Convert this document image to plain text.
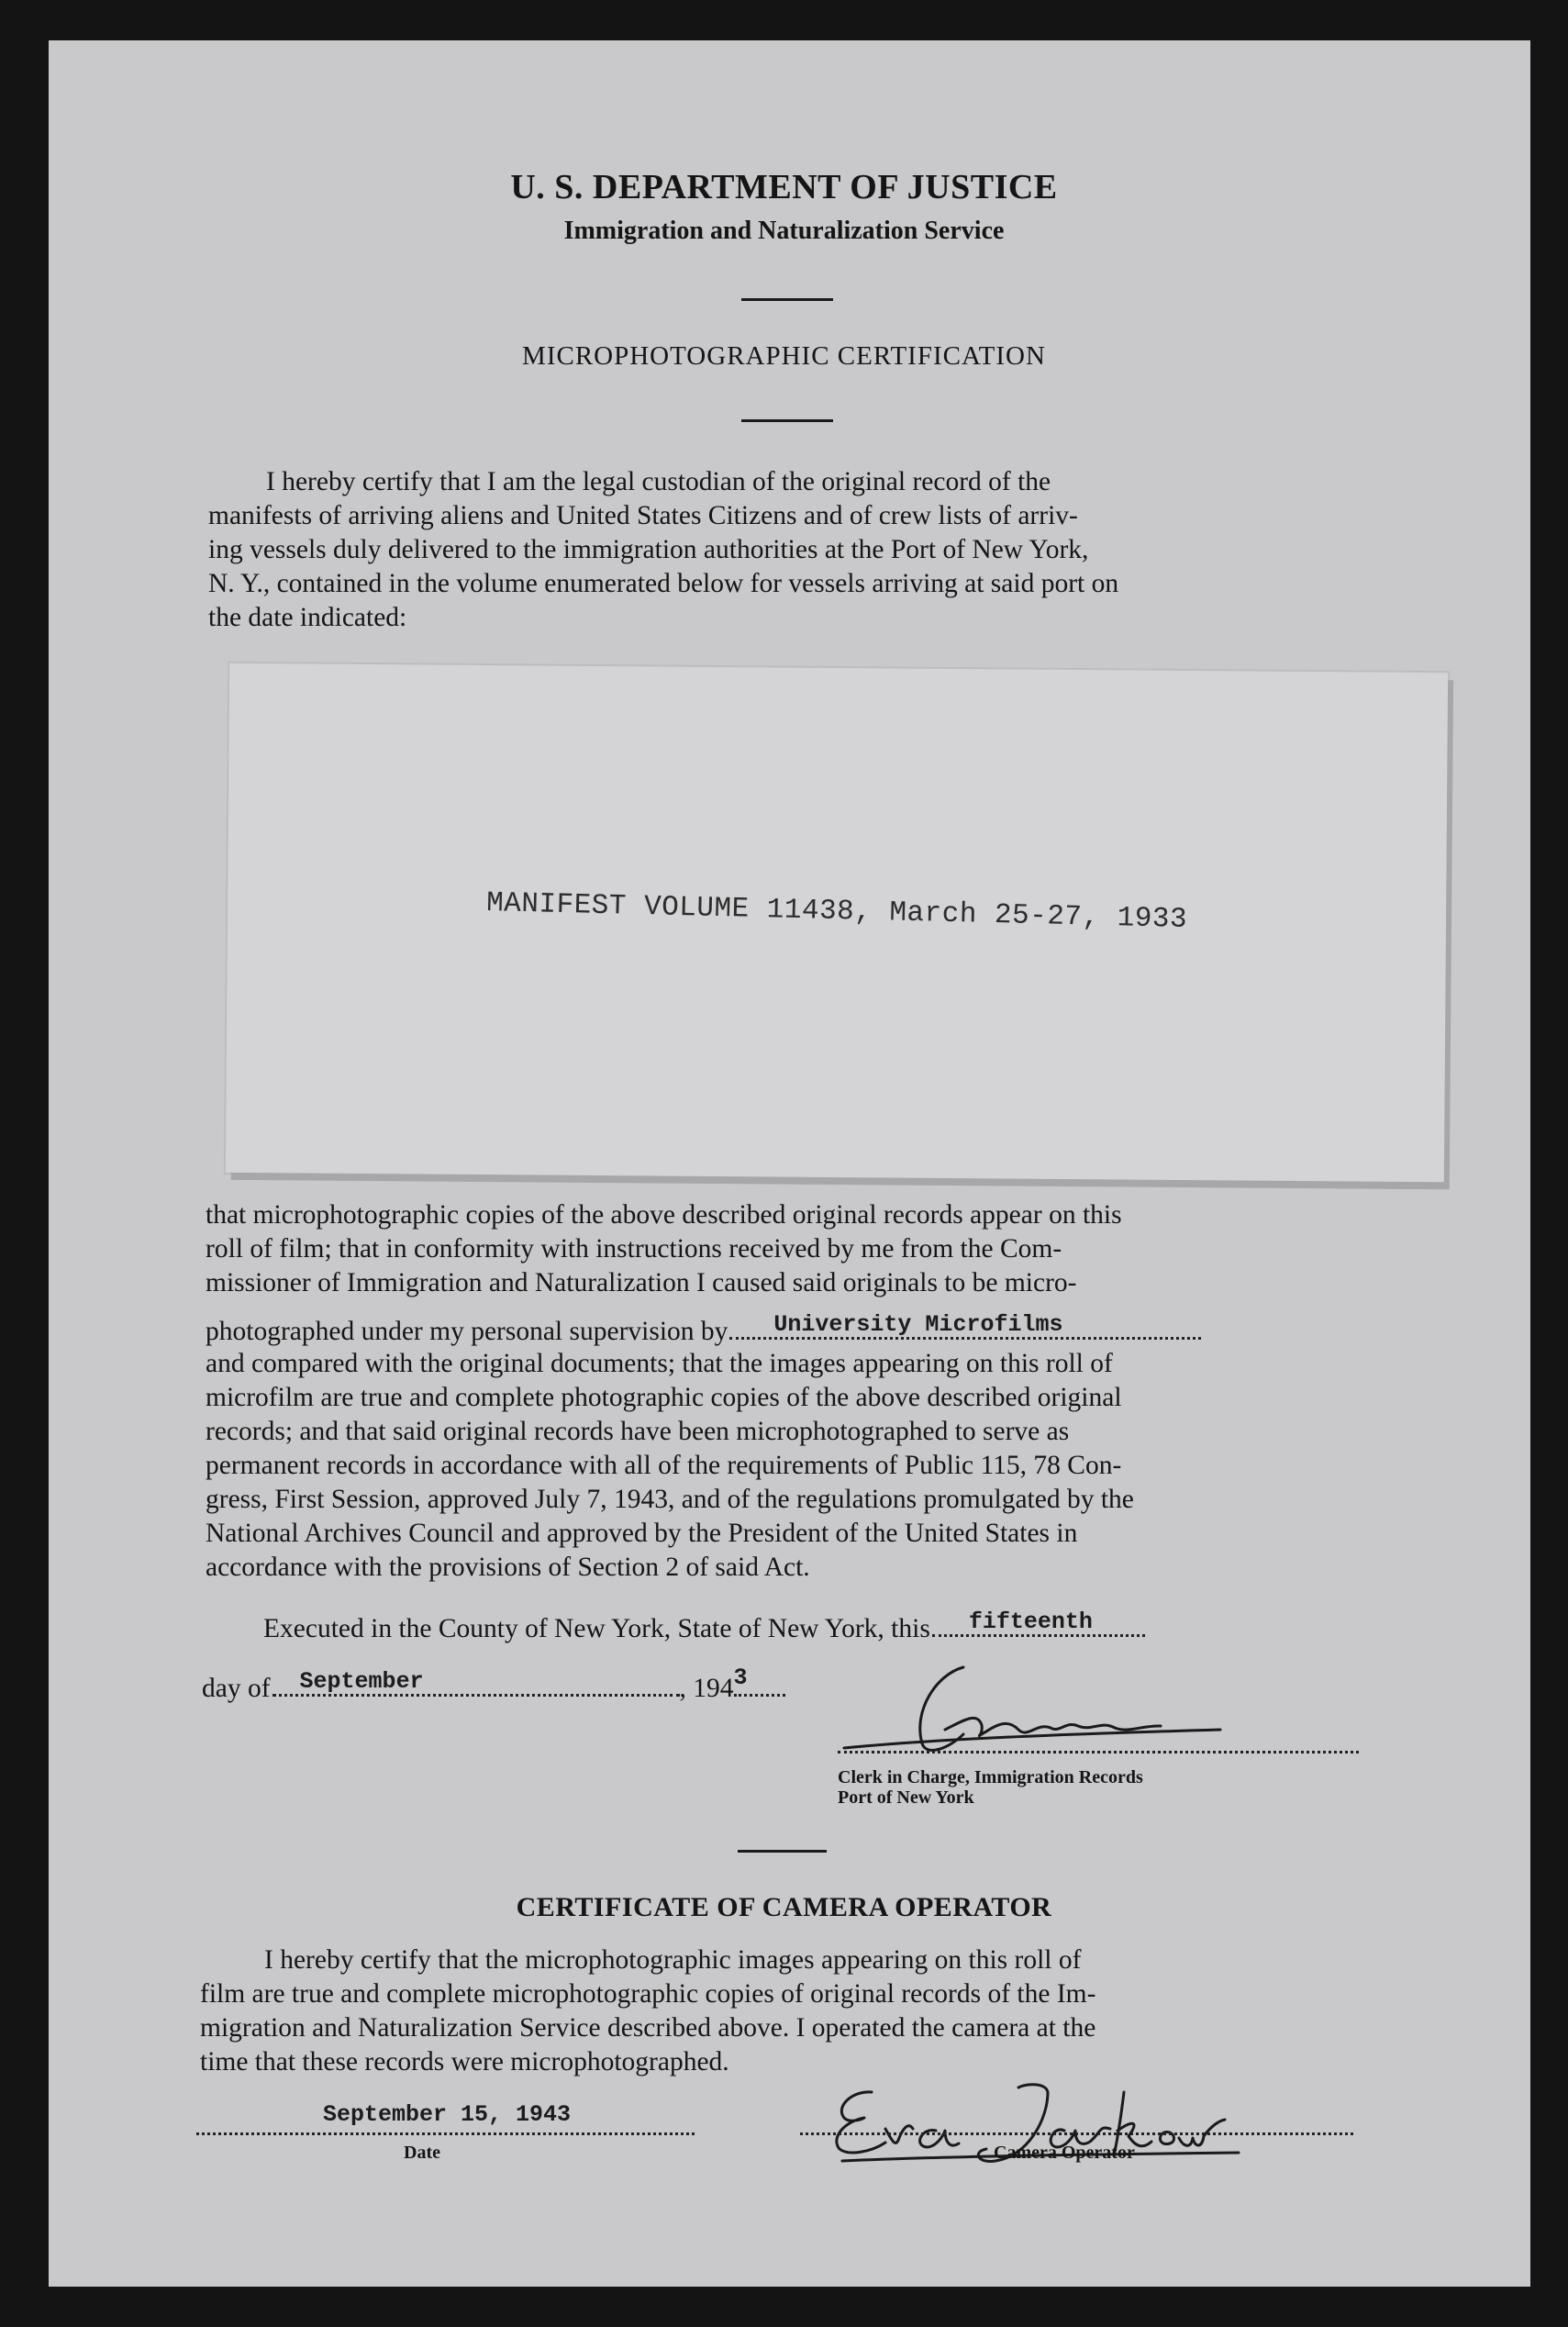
U. S. DEPARTMENT OF JUSTICE
Immigration and Naturalization Service
MICROPHOTOGRAPHIC CERTIFICATION
I hereby certify that I am the legal custodian of the original record of the
manifests of arriving aliens and United States Citizens and of crew lists of arriv-
ing vessels duly delivered to the immigration authorities at the Port of New York,
N. Y., contained in the volume enumerated below for vessels arriving at said port on
the date indicated:
MANIFEST VOLUME 11438, March 25-27, 1933
that microphotographic copies of the above described original records appear on this
roll of film; that in conformity with instructions received by me from the Com-
missioner of Immigration and Naturalization I caused said originals to be micro-
photographed under my personal supervision by University Microfilms
and compared with the original documents; that the images appearing on this roll of
microfilm are true and complete photographic copies of the above described original
records; and that said original records have been microphotographed to serve as
permanent records in accordance with all of the requirements of Public 115, 78 Con-
gress, First Session, approved July 7, 1943, and of the regulations promulgated by the
National Archives Council and approved by the President of the United States in
accordance with the provisions of Section 2 of said Act.
Executed in the County of New York, State of New York, this fifteenth
day of September	, 194 3
Clerk in Charge, Immigration Records
Port of New York
CERTIFICATE OF CAMERA OPERATOR
I hereby certify that the microphotographic images appearing on this roll of
film are true and complete microphotographic copies of original records of the Im-
migration and Naturalization Service described above. I operated the camera at the
time that these records were microphotographed.
September 15, 1943
Date	Camera Operator
